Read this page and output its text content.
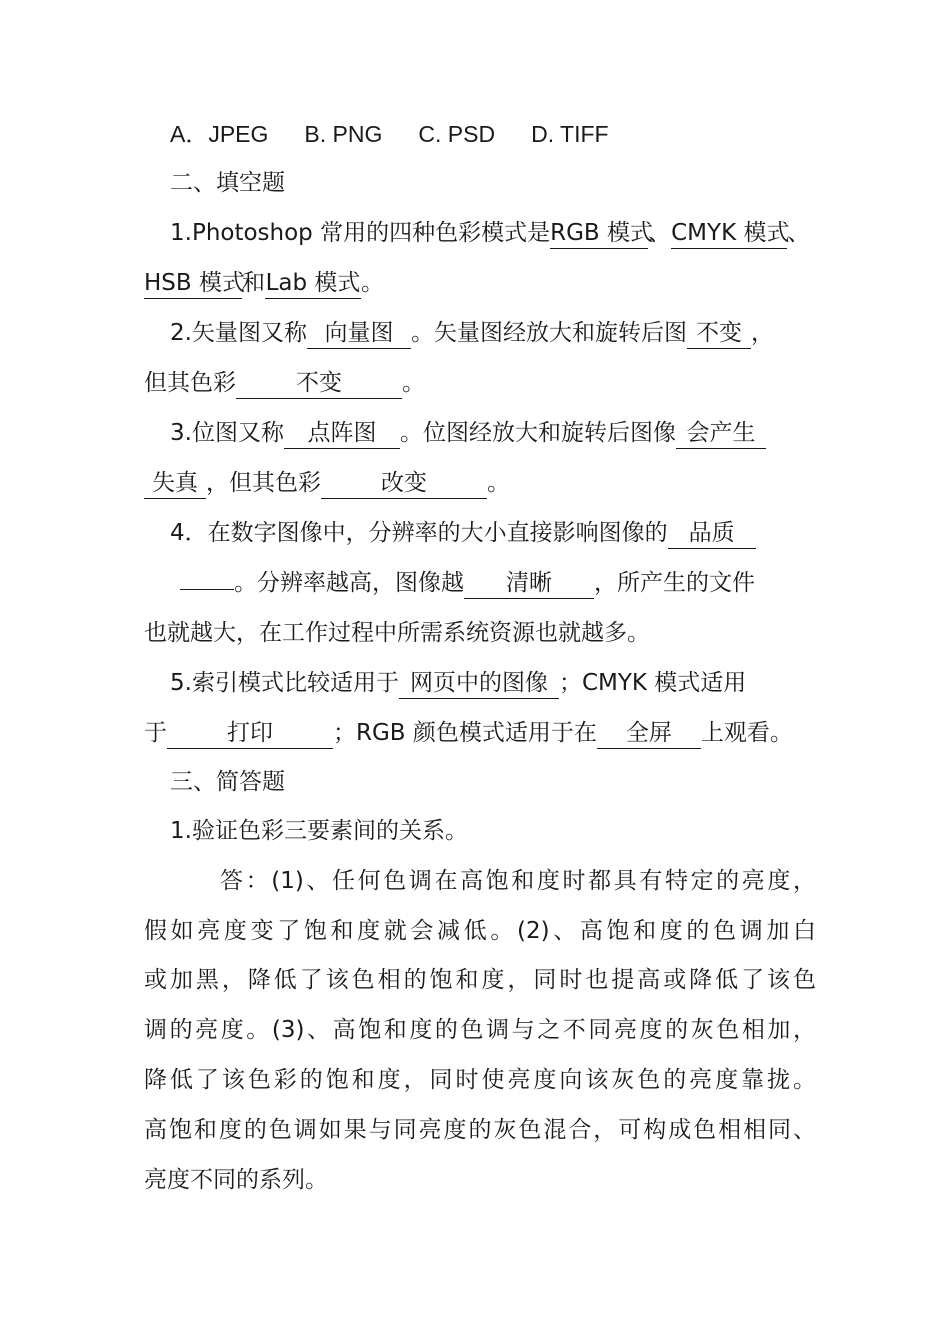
A．JPEG B. PNG C. PSD D. TIFF
二、填空题
1.Photoshop 常用的四种色彩模式是RGB 模式、CMYK 模式、
HSB 模式和Lab 模式。
2.矢量图又称 向量图 。矢量图经放大和旋转后图 不变 ，
但其色彩	不变	。
3.位图又称 点阵图 。位图经放大和旋转后图像 会产生
失真 ，但其色彩	改变	。
4．在数字图像中，分辨率的大小直接影响图像的 品质
。分辨率越高，图像越 清晰 ，所产生的文件
也就越大，在工作过程中所需系统资源也就越多。
5.索引模式比较适用于 网页中的图像 ；CMYK 模式适用
于	打印	；RGB 颜色模式适用于在 全屏 上观看。
三、简答题
1.验证色彩三要素间的关系。
答：(1)、任何色调在高饱和度时都具有特定的亮度，
假如亮度变了饱和度就会减低。(2)、高饱和度的色调加白
或加黑，降低了该色相的饱和度，同时也提高或降低了该色
调的亮度。(3)、高饱和度的色调与之不同亮度的灰色相加，
降低了该色彩的饱和度，同时使亮度向该灰色的亮度靠拢。
高饱和度的色调如果与同亮度的灰色混合，可构成色相相同、
亮度不同的系列。
